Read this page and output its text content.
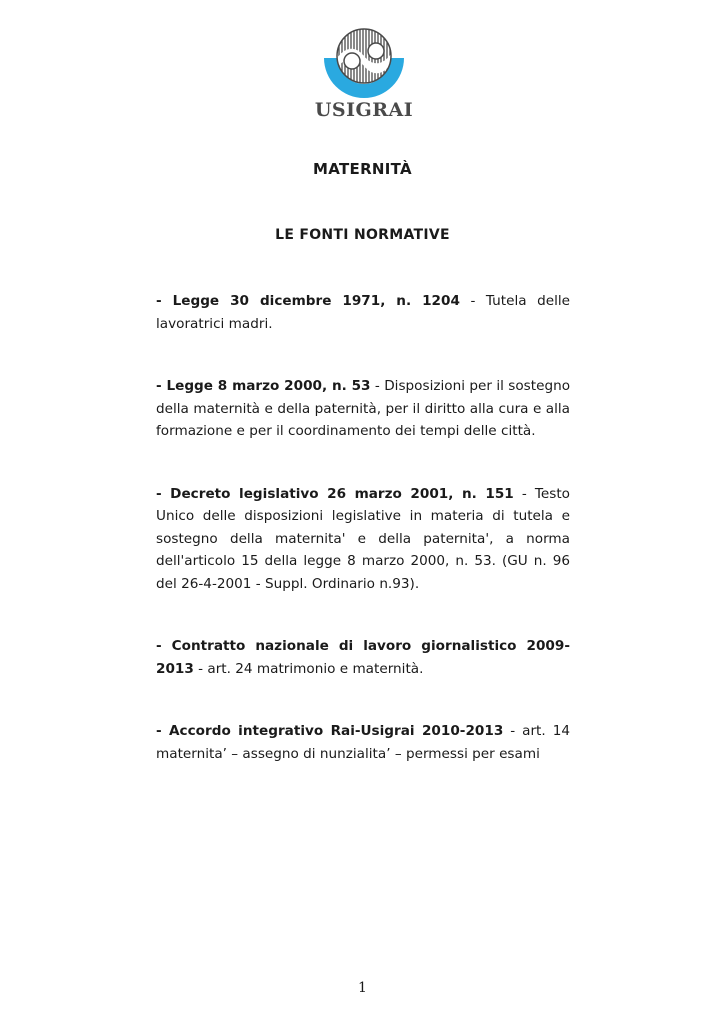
USIGRAI
MATERNITÀ
LE FONTI NORMATIVE

- Legge 30 dicembre 1971, n. 1204 - Tutela delle lavoratrici madri.

- Legge 8 marzo 2000, n. 53 - Disposizioni per il sostegno della maternità e della paternità, per il diritto alla cura e alla formazione e per il coordinamento dei tempi delle città.

- Decreto legislativo 26 marzo 2001, n. 151 - Testo Unico delle disposizioni legislative in materia di tutela e sostegno della maternita' e della paternita', a norma dell'articolo 15 della legge 8 marzo 2000, n. 53. (GU n. 96 del 26-4-2001 - Suppl. Ordinario n.93).

- Contratto nazionale di lavoro giornalistico 2009-2013 - art. 24 matrimonio e maternità.

- Accordo integrativo Rai-Usigrai 2010-2013 - art. 14 maternita’ – assegno di nunzialita’ – permessi per esami

1
